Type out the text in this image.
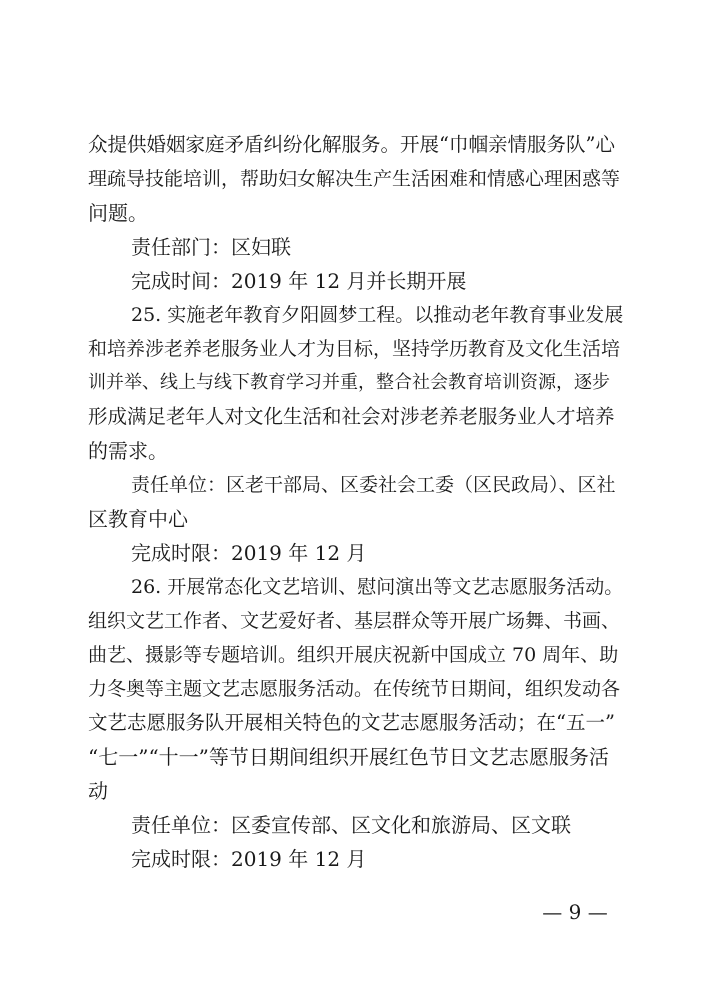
众提供婚姻家庭矛盾纠纷化解服务。开展“巾帼亲情服务队”心
理疏导技能培训，帮助妇女解决生产生活困难和情感心理困惑等
问题。
责任部门：区妇联
完成时间：2019 年 12 月并长期开展
25. 实施老年教育夕阳圆梦工程。以推动老年教育事业发展
和培养涉老养老服务业人才为目标，坚持学历教育及文化生活培
训并举、线上与线下教育学习并重，整合社会教育培训资源，逐步
形成满足老年人对文化生活和社会对涉老养老服务业人才培养
的需求。
责任单位：区老干部局、区委社会工委（区民政局）、区社
区教育中心
完成时限：2019 年 12 月
26. 开展常态化文艺培训、慰问演出等文艺志愿服务活动。
组织文艺工作者、文艺爱好者、基层群众等开展广场舞、书画、
曲艺、摄影等专题培训。组织开展庆祝新中国成立 70 周年、助
力冬奥等主题文艺志愿服务活动。在传统节日期间，组织发动各
文艺志愿服务队开展相关特色的文艺志愿服务活动；在“五一”
“七一”“十一”等节日期间组织开展红色节日文艺志愿服务活
动
责任单位：区委宣传部、区文化和旅游局、区文联
完成时限：2019 年 12 月
— 9 —
